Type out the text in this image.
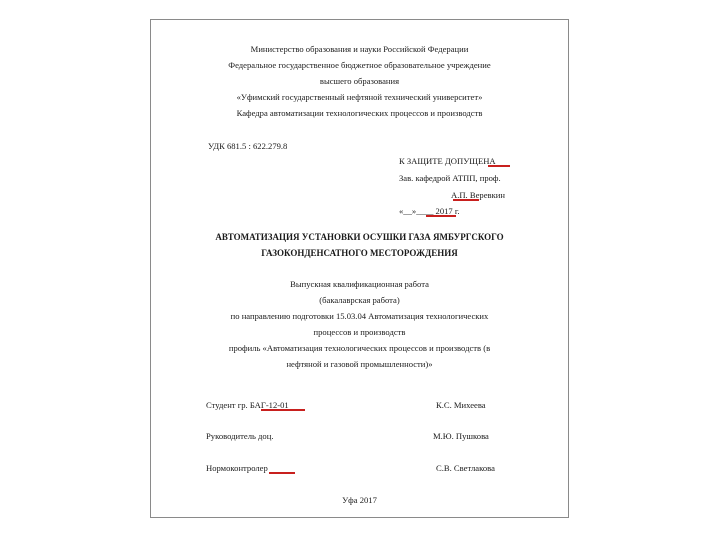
Министерство образования и науки Российской Федерации
Федеральное государственное бюджетное образовательное учреждение
высшего образования
«Уфимский государственный нефтяной технический университет»
Кафедра автоматизации технологических процессов и производств
УДК 681.5 : 622.279.8
К ЗАЩИТЕ ДОПУЩЕНА
Зав. кафедрой АТПП, проф.
А.П. Веревкин
«__»____ 2017 г.
АВТОМАТИЗАЦИЯ УСТАНОВКИ ОСУШКИ ГАЗА ЯМБУРГСКОГО
ГАЗОКОНДЕНСАТНОГО МЕСТОРОЖДЕНИЯ
Выпускная квалификационная работа
(бакалаврская работа)
по направлению подготовки 15.03.04 Автоматизация технологических
процессов и производств
профиль «Автоматизация технологических процессов и производств (в
нефтяной и газовой промышленности)»
Студент гр. БАГ-12-01	К.С. Михеева
Руководитель доц.	М.Ю. Пушкова
Нормоконтролер	С.В. Светлакова
Уфа 2017
